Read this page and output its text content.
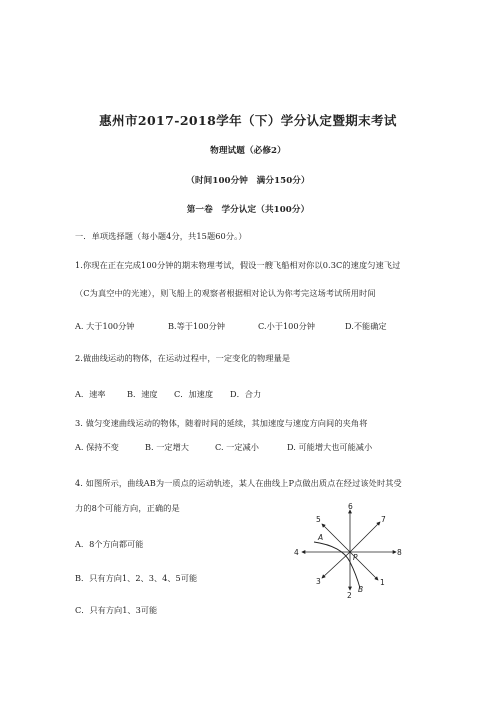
惠州市2017-2018学年（下）学分认定暨期末考试
物理试题（必修2）
（时间100分钟　满分150分）
第一卷　学分认定（共100分）
一．单项选择题（每小题4分，共15题60分。）
1.你现在正在完成100分钟的期末物理考试，假设一艘飞船相对你以0.3C的速度匀速飞过
（C为真空中的光速），则飞船上的观察者根据相对论认为你考完这场考试所用时间
A. 大于100分钟	B.等于100分钟	C.小于100分钟	D.不能确定
2.做曲线运动的物体，在运动过程中，一定变化的物理量是
A．速率	B．速度 C．加速度 D．合力
3. 做匀变速曲线运动的物体，随着时间的延续，其加速度与速度方向间的夹角将
A. 保持不变	B. 一定增大	C. 一定减小	D. 可能增大也可能减小
4. 如图所示，曲线AB为一质点的运动轨迹，某人在曲线上P点做出质点在经过该处时其受
力的8个可能方向，正确的是
A．8个方向都可能
B．只有方向1、2、3、4、5可能
C．只有方向1、3可能
6
2
4	8
5	7
3	1
A
B
P
